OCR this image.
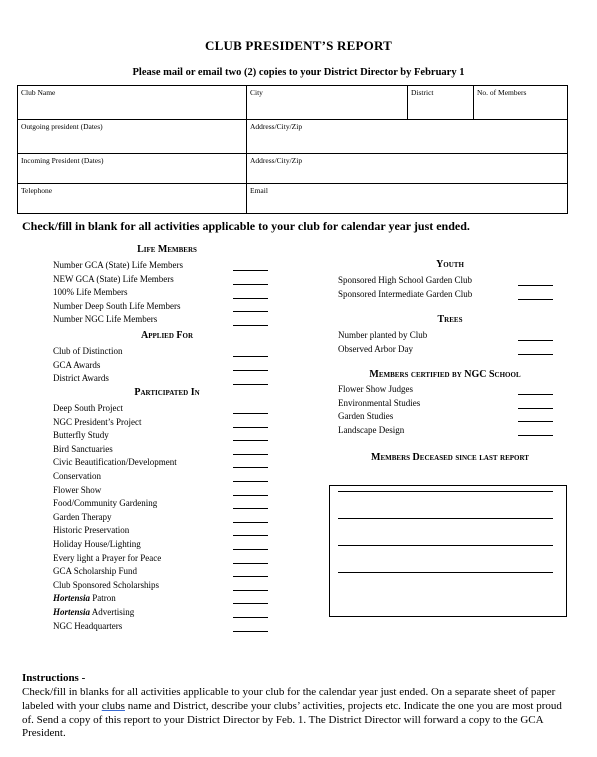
CLUB PRESIDENT’S REPORT
Please mail or email two (2) copies to your District Director by February 1
Club Name	City	District	No. of Members
Outgoing president (Dates)	Address/City/Zip		
Incoming President (Dates)	Address/City/Zip		
Telephone	Email		
Check/fill in blank for all activities applicable to your club for calendar year just ended.
Life Members
Number GCA (State) Life Members
NEW GCA (State) Life Members
100% Life Members
Number Deep South Life Members
Number NGC Life Members
Applied For
Club of Distinction
GCA Awards
District Awards
Participated In
Deep South Project
NGC President’s Project
Butterfly Study
Bird Sanctuaries
Civic Beautification/Development
Conservation
Flower Show
Food/Community Gardening
Garden Therapy
Historic Preservation
Holiday House/Lighting
Every light a Prayer for Peace
GCA Scholarship Fund
Club Sponsored Scholarships
Hortensia Patron
Hortensia Advertising
NGC Headquarters
Youth
Sponsored High School Garden Club
Sponsored Intermediate Garden Club
Trees
Number planted by Club
Observed Arbor Day
Members certified by NGC School
Flower Show Judges
Environmental Studies
Garden Studies
Landscape Design
Members Deceased since last report
Instructions -
Check/fill in blanks for all activities applicable to your club for the calendar year just ended. On a separate sheet of paper labeled with your clubs name and District, describe your clubs’ activities, projects etc. Indicate the one you are most proud of. Send a copy of this report to your District Director by Feb. 1. The District Director will forward a copy to the GCA President.
